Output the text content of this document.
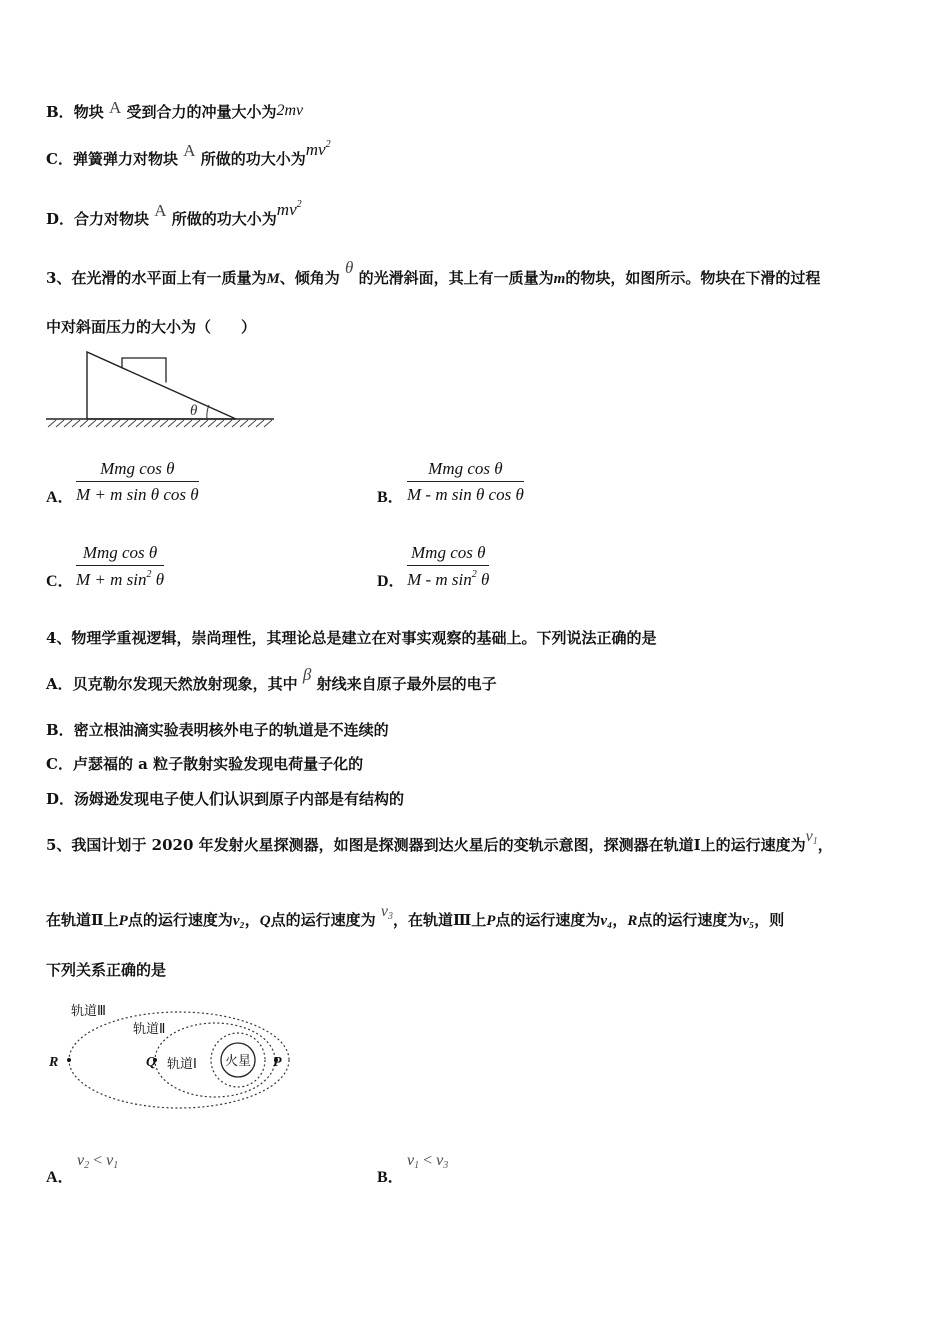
B．物块 A 受到合力的冲量大小为2mv
C．弹簧弹力对物块 A 所做的功大小为$mv^2$
D．合力对物块 A 所做的功大小为$mv^2$
3、在光滑的水平面上有一质量为M、倾角为 θ 的光滑斜面，其上有一质量为m的物块，如图所示。物块在下滑的过程
中对斜面压力的大小为（　　）
θ
A．
Mmg cos θ
M + m sin θ cos θ	B．
Mmg cos θ
M - m sin θ cos θ
C．
Mmg cos θ
M + m $\sin^2 \theta$	D．
Mmg cos θ
M - m $\sin^2 \theta$
4、物理学重视逻辑，崇尚理性，其理论总是建立在对事实观察的基础上。下列说法正确的是
A．贝克勒尔发现天然放射现象，其中 β 射线来自原子最外层的电子
B．密立根油滴实验表明核外电子的轨道是不连续的
C．卢瑟福的 a 粒子散射实验发现电荷量子化的
D．汤姆逊发现电子使人们认识到原子内部是有结构的
5、我国计划于 2020 年发射火星探测器，如图是探测器到达火星后的变轨示意图，探测器在轨道Ⅰ上的运行速度为$v_1$，
在轨道Ⅱ上P点的运行速度为v₂，Q点的运行速度为 $v_3$，在轨道Ⅲ上P点的运行速度为v₄，R点的运行速度为v₅，则
下列关系正确的是
火星
R	Q	P
轨道Ⅲ
轨道Ⅱ
轨道Ⅰ
A．
$v_2 < v_1$
B．
$v_1 < v_3$
